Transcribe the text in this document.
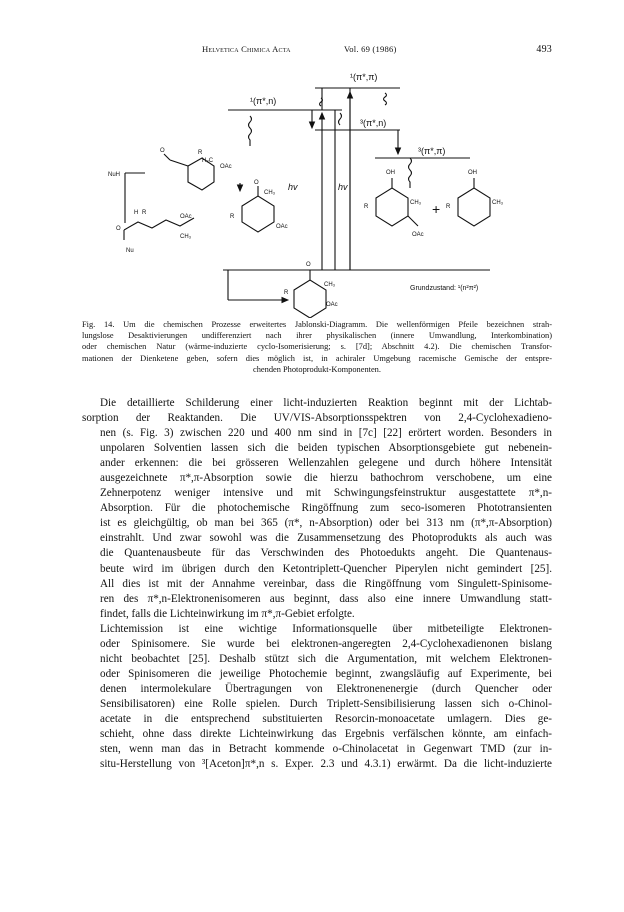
Helvetica Chimica Acta	Vol. 69 (1986)	493
¹(π*,π)
¹(π*,n)
³(π*,n)
³(π*,π)
Grundzustand: ¹(n²π²)
hv	hv
NuH
O	R
H₃C
OAc
H R
OAc
O
Nu
CH₃
O
CH₃
R
OAc
OH
R
CH₃
OAc
OH
R
CH₃
O
R
CH₃
OAc
+
Fig. 14. Um die chemischen Prozesse erweitertes Jablonski-Diagramm. Die wellenförmigen Pfeile bezeichnen strah-
lungslose Desaktivierungen undifferenziert nach ihrer physikalischen (innere Umwandlung, Interkombination)
oder chemischen Natur (wärme-induzierte cyclo-Isomerisierung; s. [7d]; Abschnitt 4.2). Die chemischen Transfor-
mationen der Dienketene geben, sofern dies möglich ist, in achiraler Umgebung racemische Gemische der entspre-
chenden Photoprodukt-Komponenten.

Die detaillierte Schilderung einer licht-induzierten Reaktion beginnt mit der Lichtab-
sorption der Reaktanden. Die UV/VIS-Absorptionsspektren von 2,4-Cyclohexadieno-
nen (s. Fig. 3) zwischen 220 und 400 nm sind in [7c] [22] erörtert worden. Besonders in
unpolaren Solventien lassen sich die beiden typischen Absorptionsgebiete gut nebenein-
ander erkennen: die bei grösseren Wellenzahlen gelegene und durch höhere Intensität
ausgezeichnete π*,π-Absorption sowie die hierzu bathochrom verschobene, um eine
Zehnerpotenz weniger intensive und mit Schwingungsfeinstruktur ausgestattete π*,n-
Absorption. Für die photochemische Ringöffnung zum seco-isomeren Phototransienten
ist es gleichgültig, ob man bei 365 (π*, n-Absorption) oder bei 313 nm (π*,π-Absorption)
einstrahlt. Und zwar sowohl was die Zusammensetzung des Photoprodukts als auch was
die Quantenausbeute für das Verschwinden des Photoedukts angeht. Die Quantenaus-
beute wird im übrigen durch den Ketontriplett-Quencher Piperylen nicht gemindert [25].
All dies ist mit der Annahme vereinbar, dass die Ringöffnung vom Singulett-Spinisome-
ren des π*,n-Elektronenisomeren aus beginnt, dass also eine innere Umwandlung statt-
findet, falls die Lichteinwirkung im π*,π-Gebiet erfolgte.

Lichtemission ist eine wichtige Informationsquelle über mitbeteiligte Elektronen-
oder Spinisomere. Sie wurde bei elektronen-angeregten 2,4-Cyclohexadienonen bislang
nicht beobachtet [25]. Deshalb stützt sich die Argumentation, mit welchem Elektronen-
oder Spinisomeren die jeweilige Photochemie beginnt, zwangsläufig auf Experimente, bei
denen intermolekulare Übertragungen von Elektronenenergie (durch Quencher oder
Sensibilisatoren) eine Rolle spielen. Durch Triplett-Sensibilisierung lassen sich o-Chinol-
acetate in die entsprechend substituierten Resorcin-monoacetate umlagern. Dies ge-
schieht, ohne dass direkte Lichteinwirkung das Ergebnis verfälschen könnte, am einfach-
sten, wenn man das in Betracht kommende o-Chinolacetat in Gegenwart TMD (zur in-
situ-Herstellung von ³[Aceton]π*,n s. Exper. 2.3 und 4.3.1) erwärmt. Da die licht-induzierte
